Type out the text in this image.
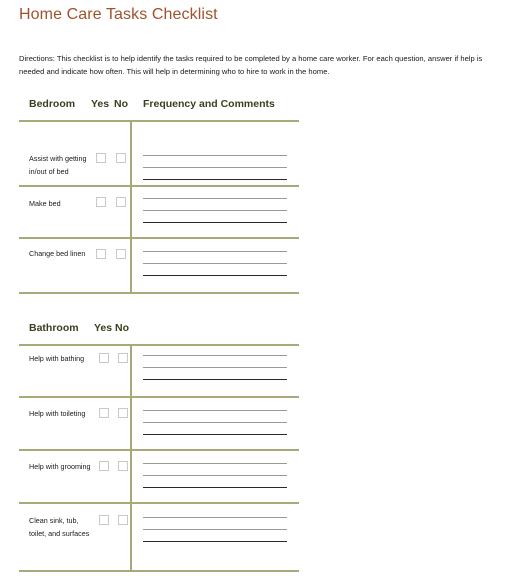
Home Care Tasks Checklist
Directions: This checklist is to help identify the tasks required to be completed by a home care worker. For each question, answer if help is needed and indicate how often. This will help in determining who to hire to work in the home.
Bedroom Yes No Frequency and Comments
Assist with getting in/out of bed
Make bed
Change bed linen
Bathroom Yes No
Help with bathing
Help with toileting
Help with grooming
Clean sink, tub, toilet, and surfaces
